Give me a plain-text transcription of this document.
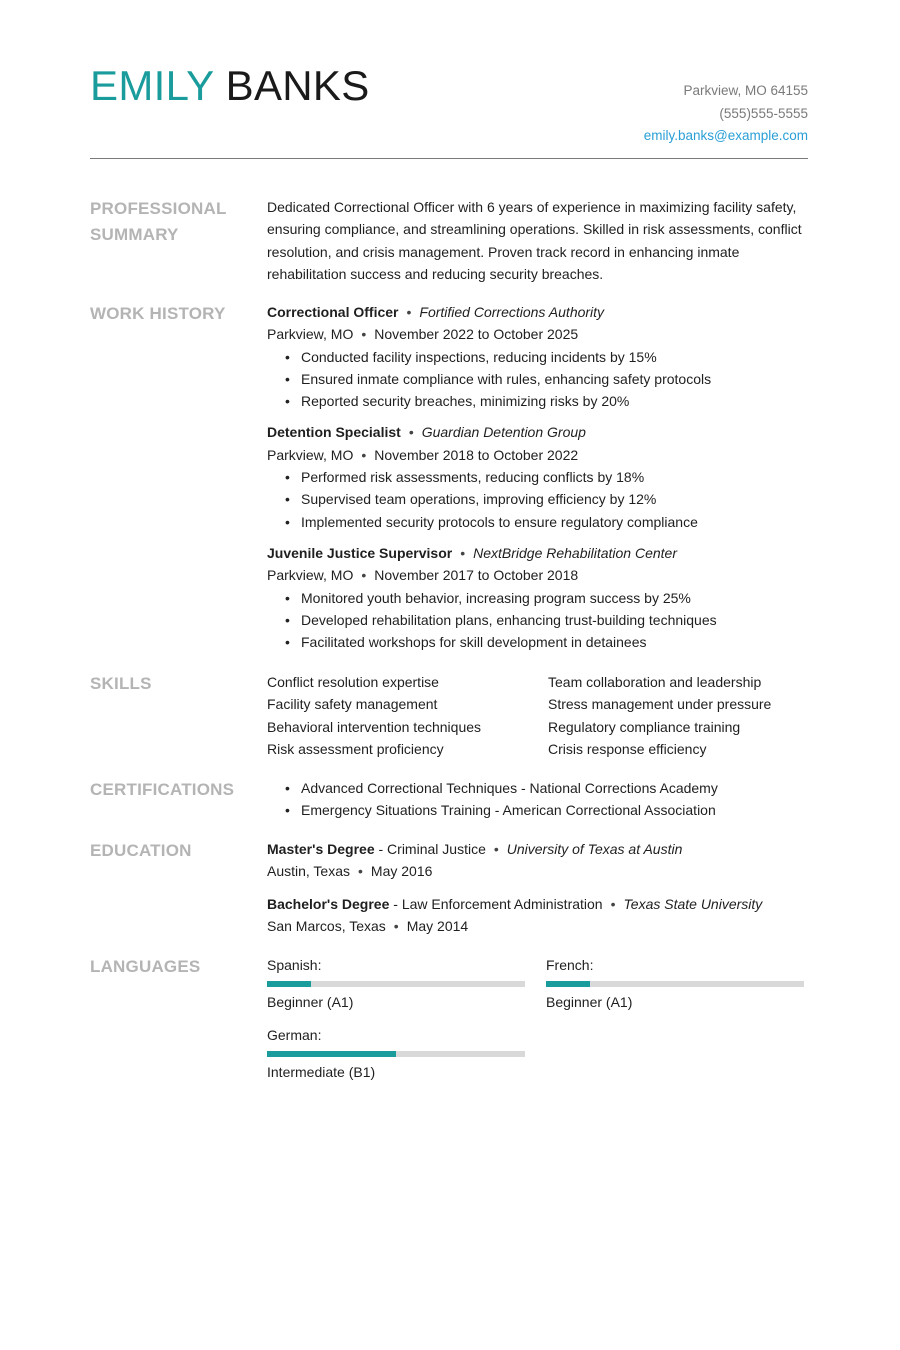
EMILY BANKS	Parkview, MO 64155
(555)555-5555
emily.banks@example.com
PROFESSIONAL
SUMMARY
Dedicated Correctional Officer with 6 years of experience in maximizing facility safety, ensuring compliance, and streamlining operations. Skilled in risk assessments, conflict resolution, and crisis management. Proven track record in enhancing inmate rehabilitation success and reducing security breaches.
WORK HISTORY	Correctional Officer • Fortified Corrections Authority
Parkview, MO • November 2022 to October 2025
• Conducted facility inspections, reducing incidents by 15%
• Ensured inmate compliance with rules, enhancing safety protocols
• Reported security breaches, minimizing risks by 20%
Detention Specialist • Guardian Detention Group
Parkview, MO • November 2018 to October 2022
• Performed risk assessments, reducing conflicts by 18%
• Supervised team operations, improving efficiency by 12%
• Implemented security protocols to ensure regulatory compliance
Juvenile Justice Supervisor • NextBridge Rehabilitation Center
Parkview, MO • November 2017 to October 2018
• Monitored youth behavior, increasing program success by 25%
• Developed rehabilitation plans, enhancing trust-building techniques
• Facilitated workshops for skill development in detainees
SKILLS	Conflict resolution expertise	Team collaboration and leadership
Facility safety management	Stress management under pressure
Behavioral intervention techniques	Regulatory compliance training
Risk assessment proficiency	Crisis response efficiency
CERTIFICATIONS
•	Advanced Correctional Techniques - National Corrections Academy
• Emergency Situations Training - American Correctional Association
EDUCATION	Master's Degree - Criminal Justice • University of Texas at Austin
Austin, Texas • May 2016
Bachelor's Degree - Law Enforcement Administration • Texas State University
San Marcos, Texas • May 2014
LANGUAGES	Spanish:
Beginner (A1)
French:
Beginner (A1)
German:
Intermediate (B1)
